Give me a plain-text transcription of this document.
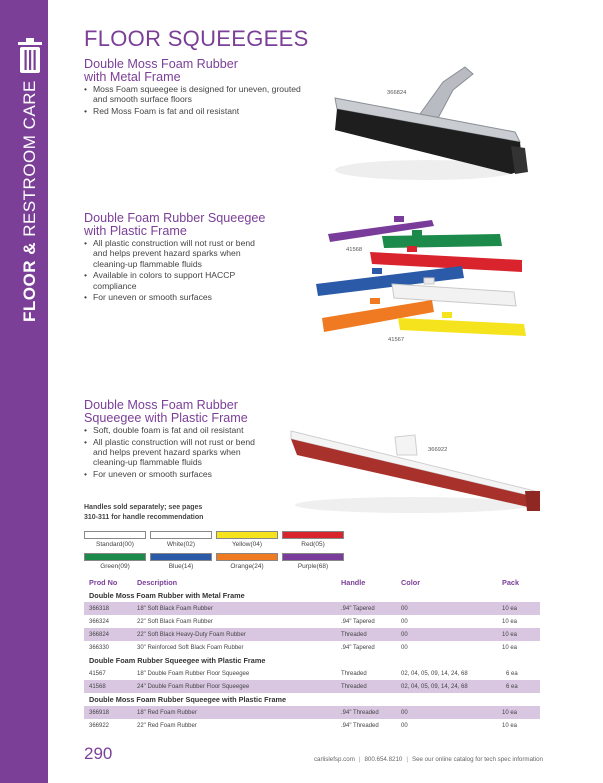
FLOOR & RESTROOM CARE
FLOOR SQUEEGEES
Double Moss Foam Rubber
with Metal Frame
• Moss Foam squeegee is designed for uneven, grouted and smooth surface floors
• Red Moss Foam is fat and oil resistant
366824
Double Foam Rubber Squeegee
with Plastic Frame
• All plastic construction will not rust or bend and helps prevent hazard sparks when cleaning-up flammable fluids
• Available in colors to support HACCP compliance
• For uneven or smooth surfaces
41568
41567
Double Moss Foam Rubber
Squeegee with Plastic Frame
• Soft, double foam is fat and oil resistant
• All plastic construction will not rust or bend and helps prevent hazard sparks when cleaning-up flammable fluids
• For uneven or smooth surfaces
366922
Handles sold separately; see pages
310-311 for handle recommendation
Standard(00)	White(02)	Yellow(04)	Red(05)
Green(09)	Blue(14)	Orange(24)	Purple(68)
Prod No	Description	Handle	Color	Pack
Double Moss Foam Rubber with Metal Frame
366318	18" Soft Black Foam Rubber	.94" Tapered	00	10 ea
366324	22" Soft Black Foam Rubber	.94" Tapered	00	10 ea
366824	22" Soft Black Heavy-Duty Foam Rubber	Threaded	00	10 ea
366330	30" Reinforced Soft Black Foam Rubber	.94" Tapered	00	10 ea
Double Foam Rubber Squeegee with Plastic Frame
41567	18" Double Foam Rubber Floor Squeegee	Threaded	02, 04, 05, 09, 14, 24, 68	6 ea
41568	24" Double Foam Rubber Floor Squeegee	Threaded	02, 04, 05, 09, 14, 24, 68	6 ea
Double Moss Foam Rubber Squeegee with Plastic Frame
366918	18" Red Foam Rubber	.94" Threaded	00	10 ea
366922	22" Red Foam Rubber	.94" Threaded	00	10 ea
290	carlislefsp.com | 800.654.8210 | See our online catalog for tech spec information
